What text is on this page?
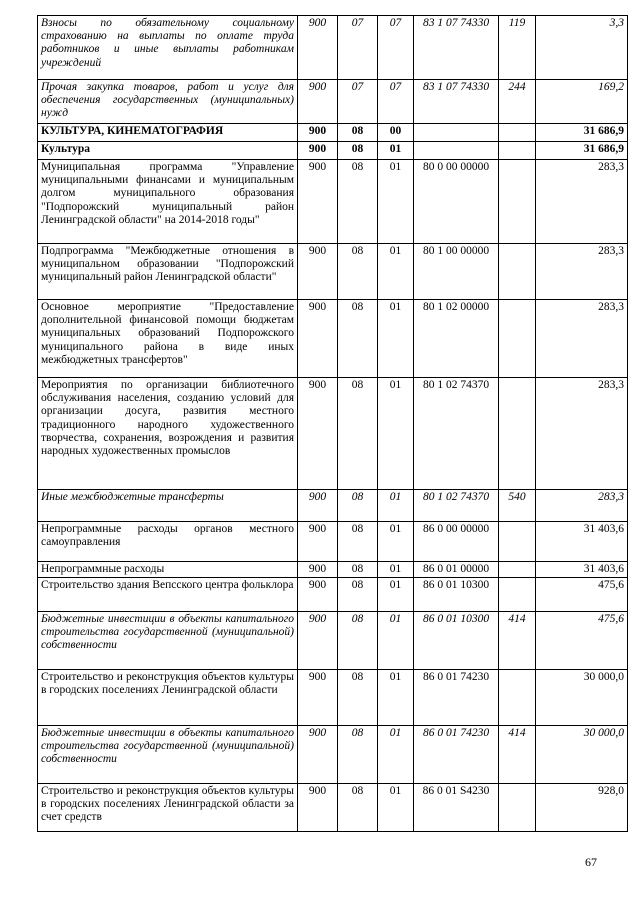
Взносы по обязательному социальному страхованию на выплаты по оплате труда работников и иные выплаты работникам учреждений	900	07	07	83 1 07 74330	119	3,3
Прочая закупка товаров, работ и услуг для обеспечения государственных (муниципальных) нужд	900	07	07	83 1 07 74330	244	169,2
КУЛЬТУРА, КИНЕМАТОГРАФИЯ	900	08	00			31 686,9
Культура	900	08	01			31 686,9
Муниципальная программа "Управление муниципальными финансами и муниципальным долгом муниципального образования "Подпорожский муниципальный район Ленинградской области" на 2014-2018 годы"	900	08	01	80 0 00 00000		283,3
Подпрограмма "Межбюджетные отношения в муниципальном образовании "Подпорожский муниципальный район Ленинградской области"	900	08	01	80 1 00 00000		283,3
Основное мероприятие "Предоставление дополнительной финансовой помощи бюджетам муниципальных образований Подпорожского муниципального района в виде иных межбюджетных трансфертов"	900	08	01	80 1 02 00000		283,3
Мероприятия по организации библиотечного обслуживания населения, созданию условий для организации досуга, развития местного традиционного народного художественного творчества, сохранения, возрождения и развития народных художественных промыслов	900	08	01	80 1 02 74370		283,3
Иные межбюджетные трансферты	900	08	01	80 1 02 74370	540	283,3
Непрограммные расходы органов местного самоуправления	900	08	01	86 0 00 00000		31 403,6
Непрограммные расходы	900	08	01	86 0 01 00000		31 403,6
Строительство здания Вепсского центра фольклора	900	08	01	86 0 01 10300		475,6
Бюджетные инвестиции в объекты капитального строительства государственной (муниципальной) собственности	900	08	01	86 0 01 10300	414	475,6
Строительство и реконструкция объектов культуры в городских поселениях Ленинградской области	900	08	01	86 0 01 74230		30 000,0
Бюджетные инвестиции в объекты капитального строительства государственной (муниципальной) собственности	900	08	01	86 0 01 74230	414	30 000,0
Строительство и реконструкция объектов культуры в городских поселениях Ленинградской области за счет средств	900	08	01	86 0 01 S4230		928,0
67
